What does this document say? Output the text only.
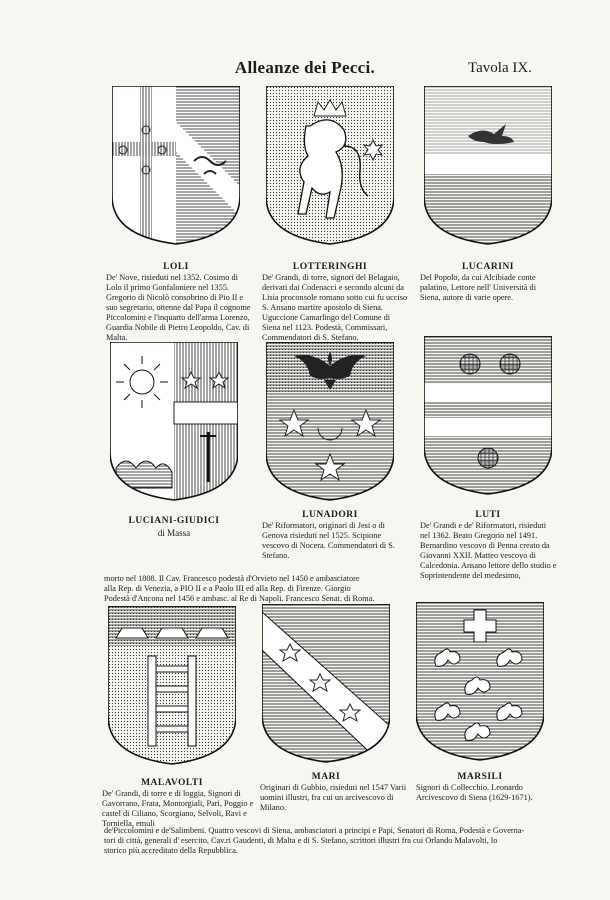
Alleanze dei Pecci.	Tavola IX.
LOLI
De' Nove, risieduti nel 1352. Cosimo di Lolo il primo Gonfaloniere nel 1355. Gregorio di Nicolò consobrino di Pio II e suo segretario, ottenne dal Papa il cognome Piccolomini e l'inquarto dell'arma Lorenzo, Guardia Nobile di Pietro Leopoldo, Cav. di Malta.
LOTTERINGHI
De' Grandi, di torre, signori del Belagaio, derivati dai Codenacci e secondo alcuni da Lisia proconsole romano sotto cui fu ucciso S. Ansano martire apostolo di Siena. Uguccione Camarlingo del Comune di Siena nel 1123. Podestà, Commissari, Commendatori di S. Stefano.
LUCARINI
Del Popolo, da cui Alcibiade conte palatino, Lettore nell' Università di Siena, autore di varie opere.
LUCIANI-GIUDICI
di Massa
LUNADORI
De' Riformatori, originari di Jesi o di Genova risieduti nel 1525. Scipione vescovo di Nocera. Commendatori di S. Stefano.
LUTI
De' Grandi e de' Riformatori, risieduti nel 1362. Beato Gregorio nel 1491. Bernardino vescovo di Penna creato da Giovanni XXII. Matteo vescovo di Calcedonia. Ansano lettore dello studio e Soprintendente del medesimo,
morto nel 1808. Il Cav. Francesco podestà d'Orvieto nel 1450 e ambasciatore
alla Rep. di Venezia, a PIO II e a Paolo III ed alla Rep. di Firenze. Giorgio
Podestà d'Ancona nel 1456 e ambasc. al Re di Napoli. Francesco Senat. di Roma.
MALAVOLTI
De' Grandi, di torre e di loggia, Signori di Gavorrano, Frata, Montorgiali, Pari, Poggio e castel di Ciliano, Scorgiano, Selvoli, Ravi e Torniella, emuli
MARI
Originari di Gubbio, risieduti nel 1547 Varii uomini illustri, fra cui un arcivescovo di Milano.
MARSILI
Signori di Collecchio. Leonardo Arcivescovo di Siena (1629-1671).
de'Piccolomini e de'Salimbeni. Quattro vescovi di Siena, ambasciatori a principi e Papi, Senatori di Roma, Podestà e Governa-
tori di città, generali d' esercito, Cav.ri Gaudenti, di Malta e di S. Stefano, scrittori illustri fra cui Orlando Malavolti, lo
storico più accreditato della Repubblica.
